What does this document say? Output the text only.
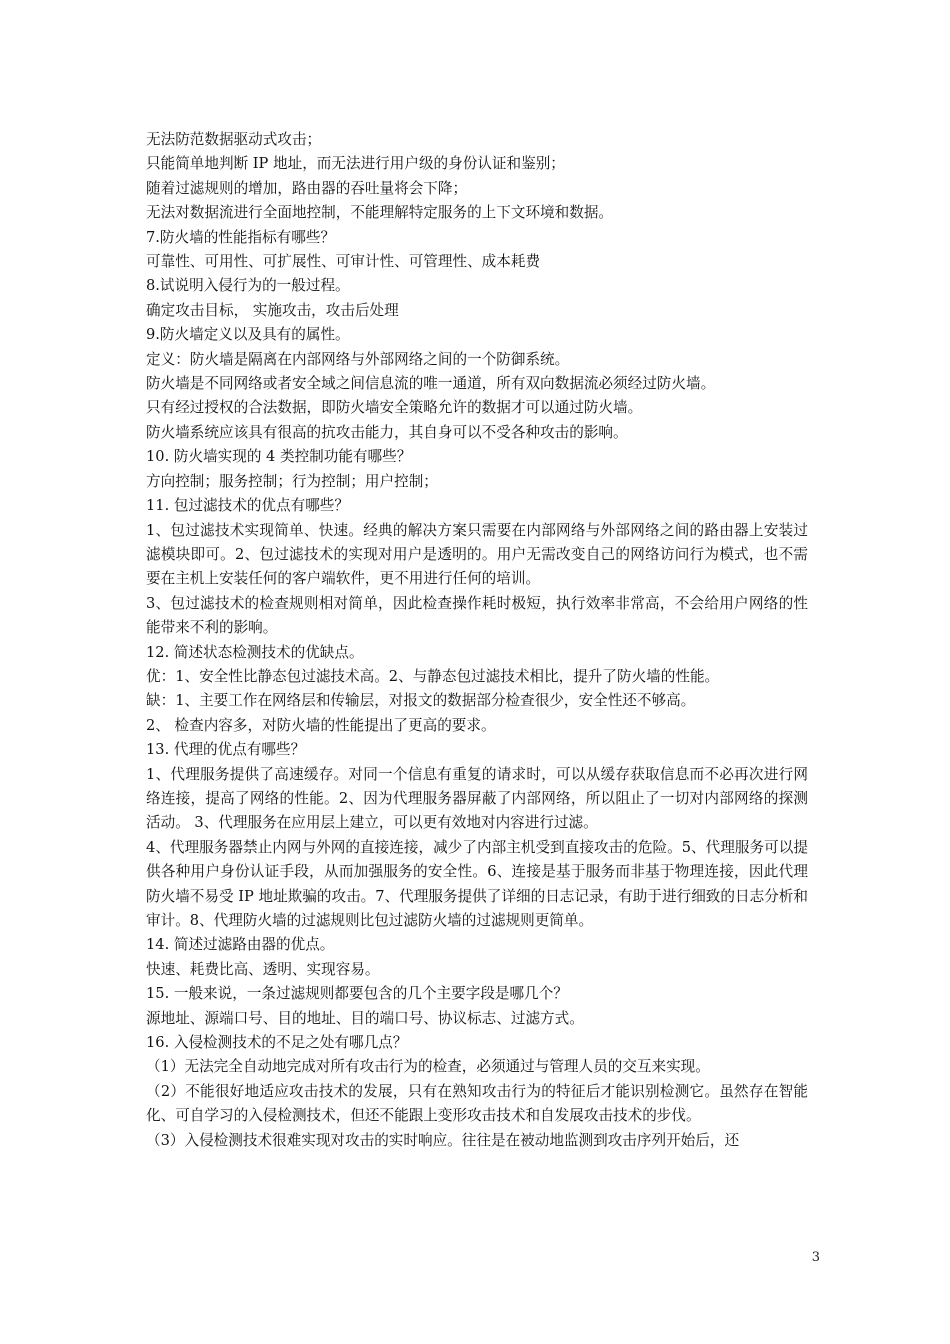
无法防范数据驱动式攻击；
只能简单地判断 IP 地址，而无法进行用户级的身份认证和鉴别；
随着过滤规则的增加，路由器的吞吐量将会下降；
无法对数据流进行全面地控制，不能理解特定服务的上下文环境和数据。
7.防火墙的性能指标有哪些？
可靠性、可用性、可扩展性、可审计性、可管理性、成本耗费
8.试说明入侵行为的一般过程。
确定攻击目标， 实施攻击，攻击后处理
9.防火墙定义以及具有的属性。
定义：防火墙是隔离在内部网络与外部网络之间的一个防御系统。
防火墙是不同网络或者安全域之间信息流的唯一通道，所有双向数据流必须经过防火墙。
只有经过授权的合法数据，即防火墙安全策略允许的数据才可以通过防火墙。
防火墙系统应该具有很高的抗攻击能力，其自身可以不受各种攻击的影响。
10. 防火墙实现的 4 类控制功能有哪些？
方向控制；服务控制；行为控制；用户控制；
11. 包过滤技术的优点有哪些？
1、包过滤技术实现简单、快速。经典的解决方案只需要在内部网络与外部网络之间的路由器上安装过滤模块即可。2、包过滤技术的实现对用户是透明的。用户无需改变自己的网络访问行为模式，也不需要在主机上安装任何的客户端软件，更不用进行任何的培训。
3、包过滤技术的检查规则相对简单，因此检查操作耗时极短，执行效率非常高，不会给用户网络的性能带来不利的影响。
12. 简述状态检测技术的优缺点。
优：1、安全性比静态包过滤技术高。2、与静态包过滤技术相比，提升了防火墙的性能。
缺：1、主要工作在网络层和传输层，对报文的数据部分检查很少，安全性还不够高。
2、 检查内容多，对防火墙的性能提出了更高的要求。
13. 代理的优点有哪些？
1、代理服务提供了高速缓存。对同一个信息有重复的请求时，可以从缓存获取信息而不必再次进行网络连接，提高了网络的性能。2、因为代理服务器屏蔽了内部网络，所以阻止了一切对内部网络的探测活动。 3、代理服务在应用层上建立，可以更有效地对内容进行过滤。
4、代理服务器禁止内网与外网的直接连接，减少了内部主机受到直接攻击的危险。5、代理服务可以提供各种用户身份认证手段，从而加强服务的安全性。6、连接是基于服务而非基于物理连接，因此代理防火墙不易受 IP 地址欺骗的攻击。7、代理服务提供了详细的日志记录，有助于进行细致的日志分析和审计。8、代理防火墙的过滤规则比包过滤防火墙的过滤规则更简单。
14. 简述过滤路由器的优点。
快速、耗费比高、透明、实现容易。
15. 一般来说，一条过滤规则都要包含的几个主要字段是哪几个？
源地址、源端口号、目的地址、目的端口号、协议标志、过滤方式。
16. 入侵检测技术的不足之处有哪几点？
（1）无法完全自动地完成对所有攻击行为的检查，必须通过与管理人员的交互来实现。
（2）不能很好地适应攻击技术的发展，只有在熟知攻击行为的特征后才能识别检测它。虽然存在智能化、可自学习的入侵检测技术，但还不能跟上变形攻击技术和自发展攻击技术的步伐。
（3）入侵检测技术很难实现对攻击的实时响应。往往是在被动地监测到攻击序列开始后，还
3
